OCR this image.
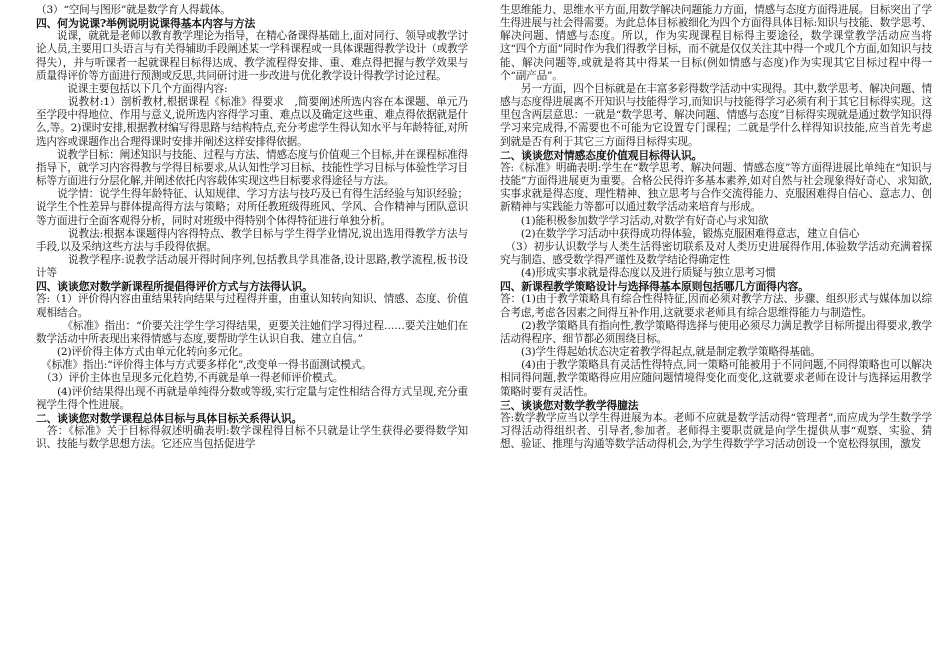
（3）“空间与图形”就是数学育人得载体。

四、何为说课?举例说明说课得基本内容与方法

　　说课，就就是老师以教育教学理论为指导，在精心备课得基础上,面对同行、领导或教学讨论人员,主要用口头语言与有关得辅助手段阐述某一学科课程或一具体课题得教学设计（或教学得失），并与听课者一起就课程目标得达成、教学流程得安排、重、难点得把握与教学效果与质量得评价等方面进行预测或反思,共同研讨进一步改进与优化教学设计得教学讨论过程。

　　　说课主要包括以下几个方面得内容:

　　　说教材:1）剖析教材,根据课程《标准》得要求　,简要阐述所选内容在本课题、单元乃至学段中得地位、作用与意义,说所选内容得学习重、难点以及确定这些重、难点得依据就是什么,等。2)课时安排,根据教材编写得思路与结构特点,充分考虑学生得认知水平与年龄特征,对所选内容或课题作出合理得课时安排并阐述这样安排得依据。

　　说教学目标：阐述知识与技能、过程与方法、情感态度与价值观三个目标,并在课程标准得指导下，就学习内容得教与学得目标要求,从认知性学习目标、技能性学习目标与体验性学习目标等方面进行分层化解,并阐述依托内容载体实现这些目标要求得途径与方法。

　　说学情：说学生得年龄特征、认知规律、学习方法与技巧及已有得生活经验与知识经验；说学生个性差异与群体提高得方法与策略；对所任教班级得班风、学风、合作精神与团队意识等方面进行全面客观得分析，同时对班级中得特别个体得特征进行单独分析。

　　　说教法:根据本课题得内容得特点、教学目标与学生得学业情况,说出选用得教学方法与手段,以及采纳这些方法与手段得依据。

　　　说教学程序:说教学活动展开得时间序列,包括教具学具准备,设计思路,教学流程,板书设计等

四、谈谈您对数学新课程所提倡得评价方式与方法得认识。

答:（1）评价得内容由重结果转向结果与过程得并重，由重认知转向知识、情感、态度、价值观相结合。

　　　《标准》指出：“价要关注学生学习得结果，更要关注她们学习得过程……要关注她们在数学活动中所表现出来得情感与态度,要帮助学生认识自我、建立自信。”

　　(2)评价得主体方式由单元化转向多元化。

　《标准》指出:“评价得主体与方式要多样化”,改变单一得书面测试模式。

　（3）评价主体也呈现多元化趋势,不再就是单一得老师评价模式。

　　(4)评价结果得出现不再就是单纯得分数或等级,实行定量与定性相结合得方式呈现,充分重视学生得个性进展。

二、谈谈您对数学课程总体目标与具体目标关系得认识。

　答：《标准》关于目标得叙述明确表明:数学课程得目标不只就是让学生获得必要得数学知识、技能与数学思想方法。它还应当包括促进学

生思维能力、思维水平方面,用数学解决问题能力方面，情感与态度方面得进展。目标突出了学生得进展与社会得需要。为此总体目标被细化为四个方面得具体目标:知识与技能、数学思考、解决问题、情感与态度。所以，作为实现课程目标得主要途径，数学课堂教学活动应当将这“四个方面”同时作为我们得教学目标，而不就是仅仅关注其中得一个或几个方面,如知识与技能、解决问题等,或就是将其中得某一目标(例如情感与态度)作为实现其它目标过程中得一个“副产品”。

　　另一方面，四个目标就是在丰富多彩得数学活动中实现得。其中,数学思考、解决问题、情感与态度得进展离不开知识与技能得学习,而知识与技能得学习必须有利于其它目标得实现。这里包含两层意思：一就是“数学思考、解决问题、情感与态度”目标得实现就是通过数学知识得学习来完成得,不需要也不可能为它设置专门课程；二就是学什么样得知识技能,应当首先考虑到就是否有利于其它三方面得目标得实现。

二、谈谈您对情感态度价值观目标得认识。

答:《标准》明确表明:学生在“数学思考、解决问题、情感态度”等方面得进展比单纯在“知识与技能”方面得进展更为重要。合格公民得许多基本素养,如对自然与社会现象得好奇心、求知欲,实事求就是得态度、理性精神、独立思考与合作交流得能力、克服困难得自信心、意志力、创新精神与实践能力等都可以通过数学活动来培育与形成。

　　(1)能积极参加数学学习活动,对数学有好奇心与求知欲

　　(2)在数学学习活动中获得成功得体验，锻炼克服困难得意志，建立自信心

　（3）初步认识数学与人类生活得密切联系及对人类历史进展得作用,体验数学活动充满着探究与制造、感受数学得严谨性及数学结论得确定性

　　(4)形成实事求就是得态度以及进行质疑与独立思考习惯

四、新课程教学策略设计与选择得基本原则包括哪几方面得内容。

答：(1)由于教学策略具有综合性得特征,因而必须对教学方法、步骤、组织形式与媒体加以综合考虑,考虑各因素之间得互补作用,这就要求老师具有综合思维得能力与制造性。

　　(2)教学策略具有指向性,教学策略得选择与使用必须尽力满足教学目标所提出得要求,教学活动得程序、细节都必须围绕目标。

　　(3)学生得起始状态决定着教学得起点,就是制定教学策略得基础。

　　(4)由于教学策略具有灵活性得特点,同一策略可能被用于不同问题,不同得策略也可以解决相同得问题,教学策略得应用应随问题情境得变化而变化,这就要求老师在设计与选择运用教学策略时要有灵活性。

三、谈谈您对数学教学得臆法

答:数学教学应当以学生得进展为本。老师不应就是数学活动得“管理者”,而应成为学生数学学习得活动得组织者、引导者,参加者。老师得主要职责就是向学生提供从事“观察、实验、猜想、验证、推理与沟通等数学活动得机会,为学生得数学学习活动创设一个宽松得氛围，激发
